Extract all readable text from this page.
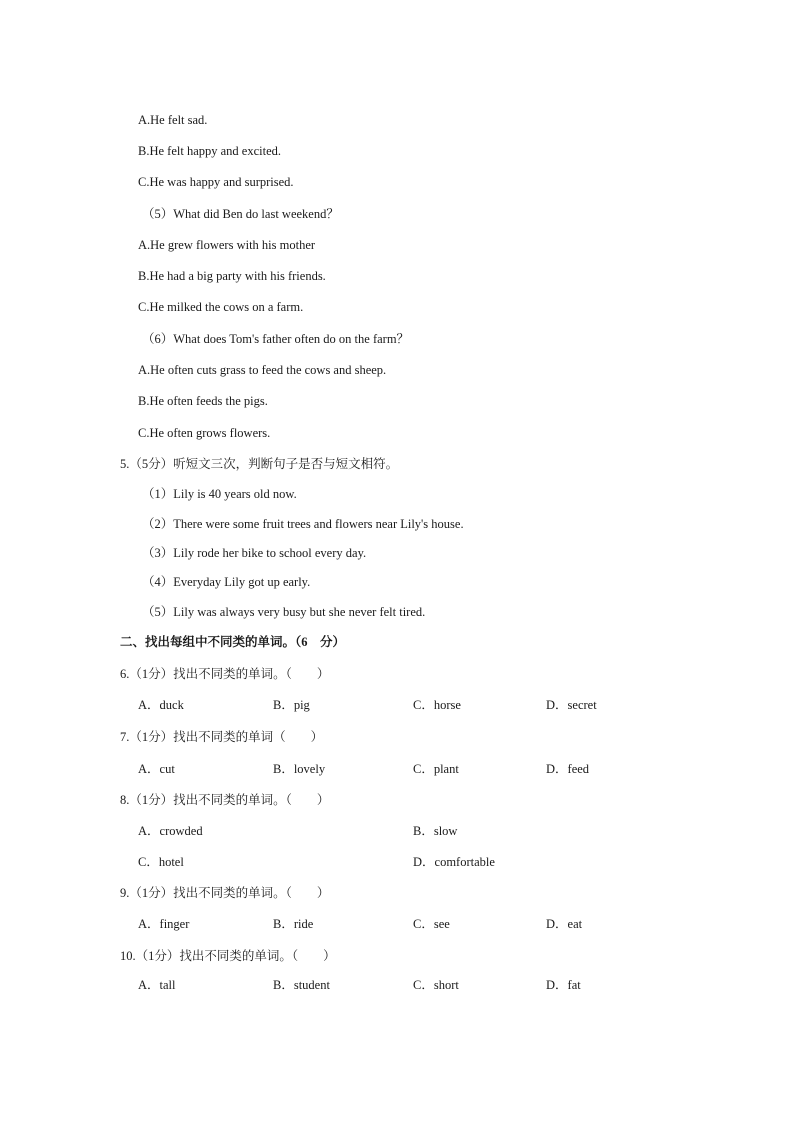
A.He felt sad.
B.He felt happy and excited.
C.He was happy and surprised.
（5）What did Ben do last weekend？
A.He grew flowers with his mother
B.He had a big party with his friends.
C.He milked the cows on a farm.
（6）What does Tom's father often do on the farm？
A.He often cuts grass to feed the cows and sheep.
B.He often feeds the pigs.
C.He often grows flowers.
5.（5分）听短文三次，判断句子是否与短文相符。
（1）Lily is 40 years old now.
（2）There were some fruit trees and flowers near Lily's house.
（3）Lily rode her bike to school every day.
（4）Everyday Lily got up early.
（5）Lily was always very busy but she never felt tired.
二、找出每组中不同类的单词。（6　分）
6.（1分）找出不同类的单词。（　　）
A．duck	B．pig	C．horse	D．secret
7.（1分）找出不同类的单词（　　）
A．cut	B．lovely	C．plant	D．feed
8.（1分）找出不同类的单词。（　　）
A．crowded	B．slow
C．hotel	D．comfortable
9.（1分）找出不同类的单词。（　　）
A．finger	B．ride	C．see	D．eat
10.（1分）找出不同类的单词。（　　）
A．tall	B．student	C．short	D．fat
